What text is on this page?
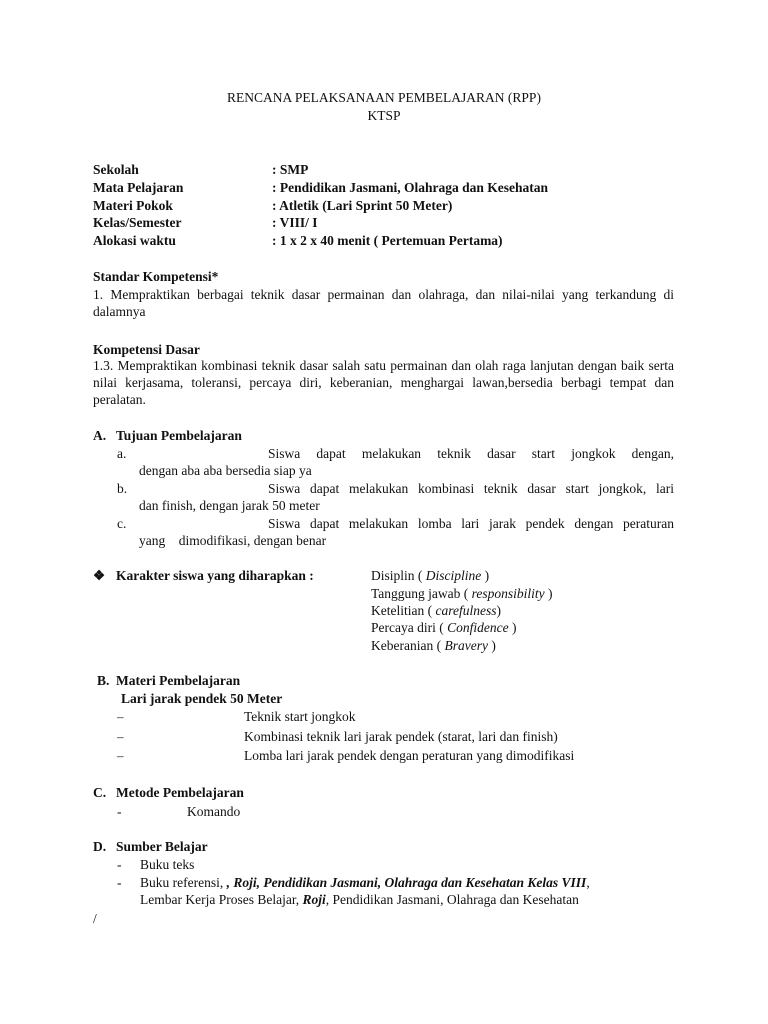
RENCANA PELAKSANAAN PEMBELAJARAN (RPP)
KTSP
Sekolah	: SMP
Mata Pelajaran	: Pendidikan Jasmani, Olahraga dan Kesehatan
Materi Pokok	: Atletik (Lari Sprint 50 Meter)
Kelas/Semester	: VIII/ I
Alokasi waktu	: 1 x 2 x 40 menit ( Pertemuan Pertama)
Standar Kompetensi*
1. Mempraktikan berbagai teknik dasar permainan dan olahraga, dan nilai-nilai yang terkandung di dalamnya
Kompetensi Dasar
1.3. Mempraktikan kombinasi teknik dasar salah satu permainan dan olah raga lanjutan dengan baik serta nilai kerjasama, toleransi, percaya diri, keberanian, menghargai lawan,bersedia berbagi tempat dan peralatan.
A. Tujuan Pembelajaran
a.	Siswa dapat melakukan teknik dasar start jongkok dengan,
dengan aba aba bersedia siap ya
b.	Siswa dapat melakukan kombinasi teknik dasar start jongkok, lari
dan finish, dengan jarak 50 meter
c.	Siswa dapat melakukan lomba lari jarak pendek dengan peraturan
yang    dimodifikasi, dengan benar
❖ Karakter siswa yang diharapkan :	Disiplin ( Discipline )
Tanggung jawab ( responsibility )
Ketelitian ( carefulness)
Percaya diri ( Confidence )
Keberanian ( Bravery )
B. Materi Pembelajaran
Lari jarak pendek 50 Meter
–	Teknik start jongkok
–	Kombinasi teknik lari jarak pendek (starat, lari dan finish)
–	Lomba lari jarak pendek dengan peraturan yang dimodifikasi
C. Metode Pembelajaran
-	Komando
D. Sumber Belajar
- Buku teks
- Buku referensi, , Roji, Pendidikan Jasmani, Olahraga dan Kesehatan Kelas VIII,
Lembar Kerja Proses Belajar, Roji, Pendidikan Jasmani, Olahraga dan Kesehatan
/
